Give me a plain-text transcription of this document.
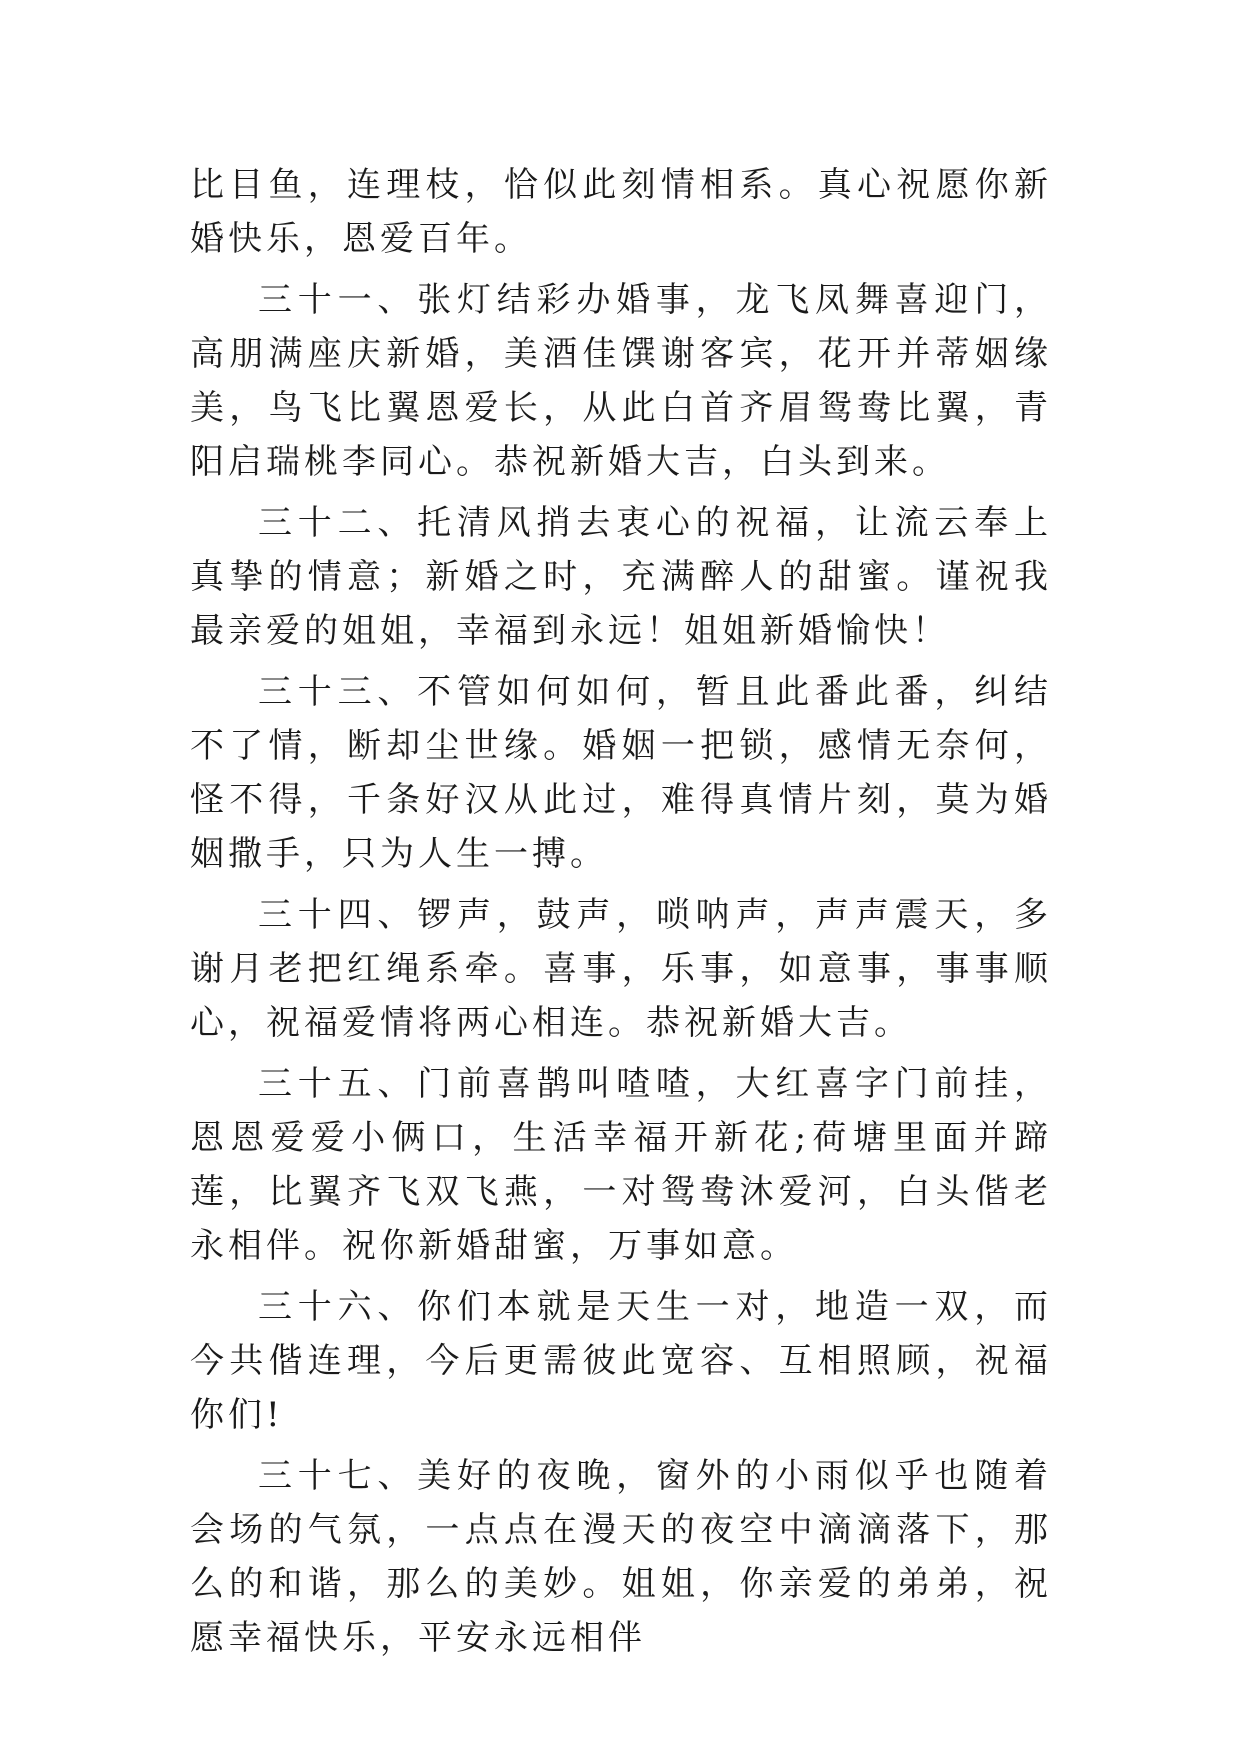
比目鱼，连理枝，恰似此刻情相系。真心祝愿你新婚快乐，恩爱百年。

三十一、张灯结彩办婚事，龙飞凤舞喜迎门，高朋满座庆新婚，美酒佳馔谢客宾，花开并蒂姻缘美，鸟飞比翼恩爱长，从此白首齐眉鸳鸯比翼，青阳启瑞桃李同心。恭祝新婚大吉，白头到来。

三十二、托清风捎去衷心的祝福，让流云奉上真挚的情意；新婚之时，充满醉人的甜蜜。谨祝我最亲爱的姐姐，幸福到永远！姐姐新婚愉快！

三十三、不管如何如何，暂且此番此番，纠结不了情，断却尘世缘。婚姻一把锁，感情无奈何，怪不得，千条好汉从此过，难得真情片刻，莫为婚姻撒手，只为人生一搏。

三十四、锣声，鼓声，唢呐声，声声震天，多谢月老把红绳系牵。喜事，乐事，如意事，事事顺心，祝福爱情将两心相连。恭祝新婚大吉。

三十五、门前喜鹊叫喳喳，大红喜字门前挂，恩恩爱爱小俩口，生活幸福开新花;荷塘里面并蹄莲，比翼齐飞双飞燕，一对鸳鸯沐爱河，白头偕老永相伴。祝你新婚甜蜜，万事如意。

三十六、你们本就是天生一对，地造一双，而今共偕连理，今后更需彼此宽容、互相照顾，祝福你们!

三十七、美好的夜晚，窗外的小雨似乎也随着会场的气氛，一点点在漫天的夜空中滴滴落下，那么的和谐，那么的美妙。姐姐，你亲爱的弟弟，祝愿幸福快乐，平安永远相伴
